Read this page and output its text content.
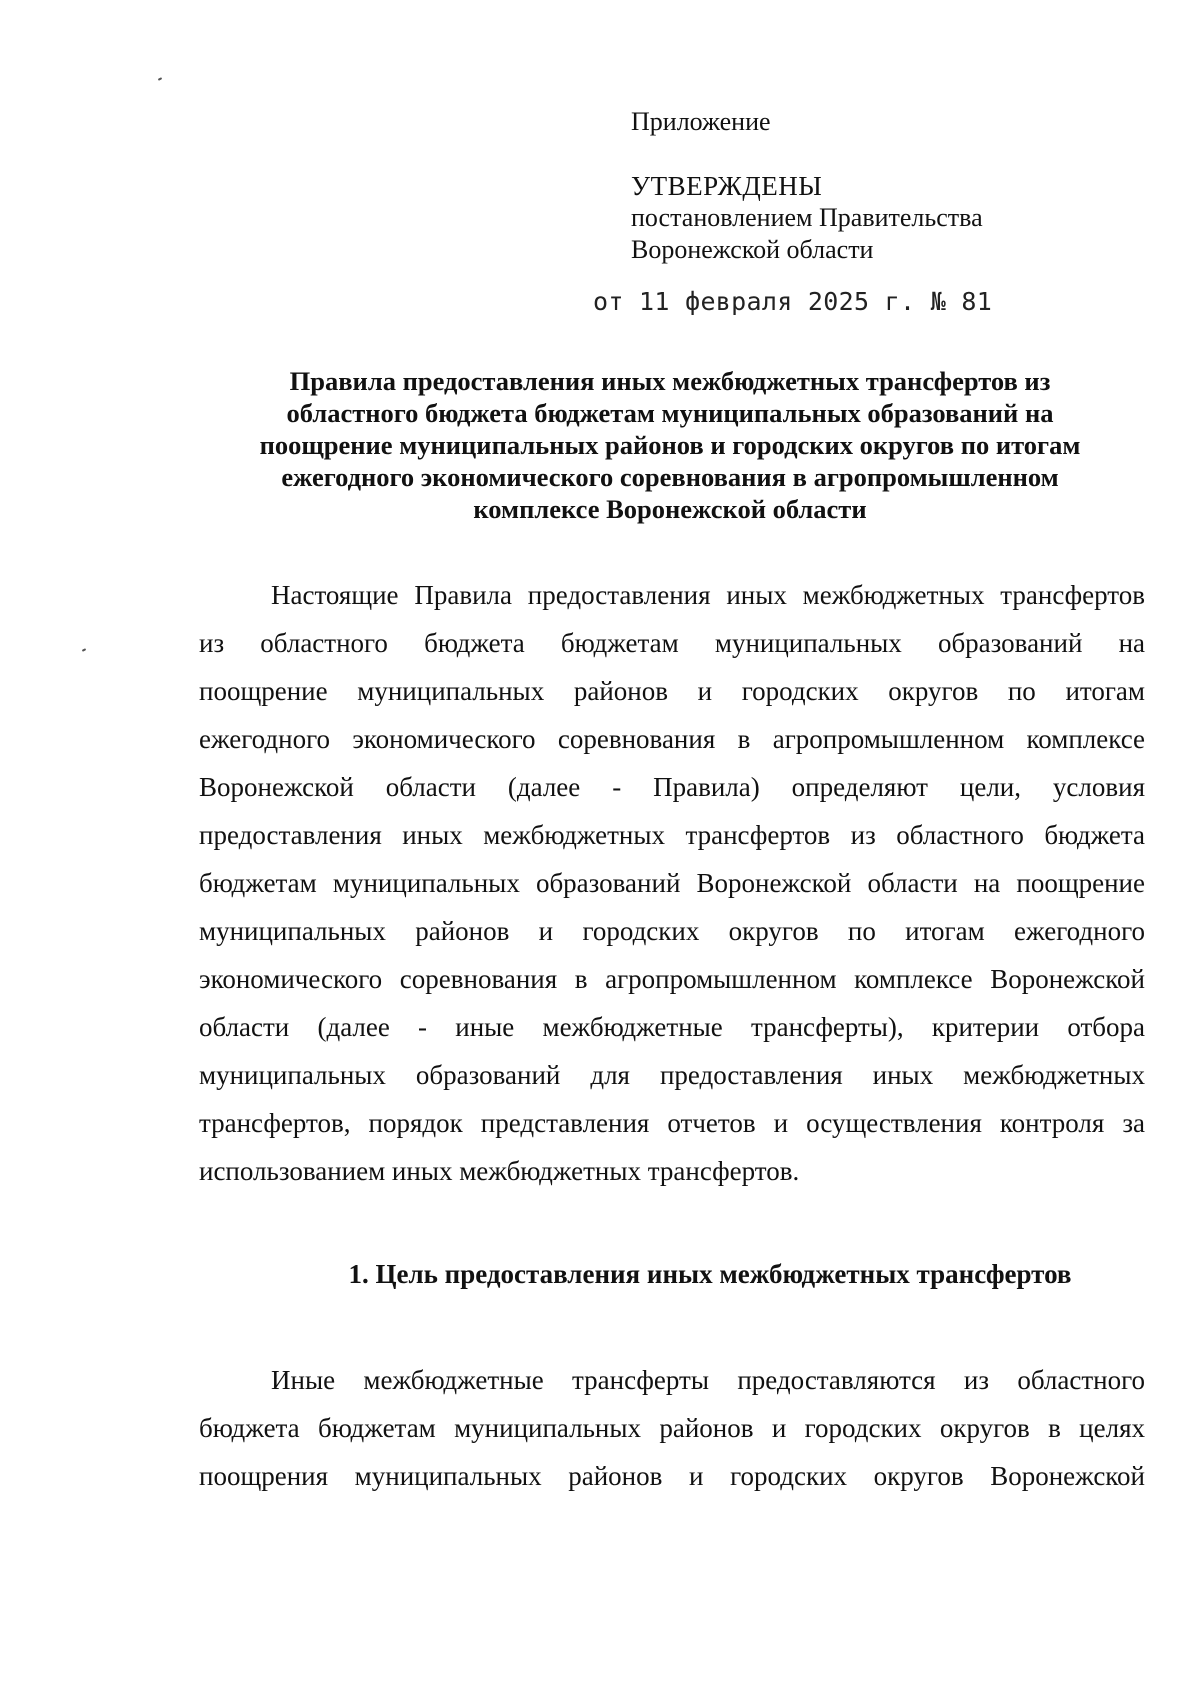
Приложение
УТВЕРЖДЕНЫ
постановлением Правительства
Воронежской области
от 11 февраля 2025 г. № 81
Правила предоставления иных межбюджетных трансфертов из
областного бюджета бюджетам муниципальных образований на
поощрение муниципальных районов и городских округов по итогам
ежегодного экономического соревнования в агропромышленном
комплексе Воронежской области
Настоящие Правила предоставления иных межбюджетных трансфертов
из областного бюджета бюджетам муниципальных образований на
поощрение муниципальных районов и городских округов по итогам
ежегодного экономического соревнования в агропромышленном комплексе
Воронежской области (далее - Правила) определяют цели, условия
предоставления иных межбюджетных трансфертов из областного бюджета
бюджетам муниципальных образований Воронежской области на поощрение
муниципальных районов и городских округов по итогам ежегодного
экономического соревнования в агропромышленном комплексе Воронежской
области (далее - иные межбюджетные трансферты), критерии отбора
муниципальных образований для предоставления иных межбюджетных
трансфертов, порядок представления отчетов и осуществления контроля за
использованием иных межбюджетных трансфертов.
1. Цель предоставления иных межбюджетных трансфертов
Иные межбюджетные трансферты предоставляются из областного
бюджета бюджетам муниципальных районов и городских округов в целях
поощрения муниципальных районов и городских округов Воронежской
